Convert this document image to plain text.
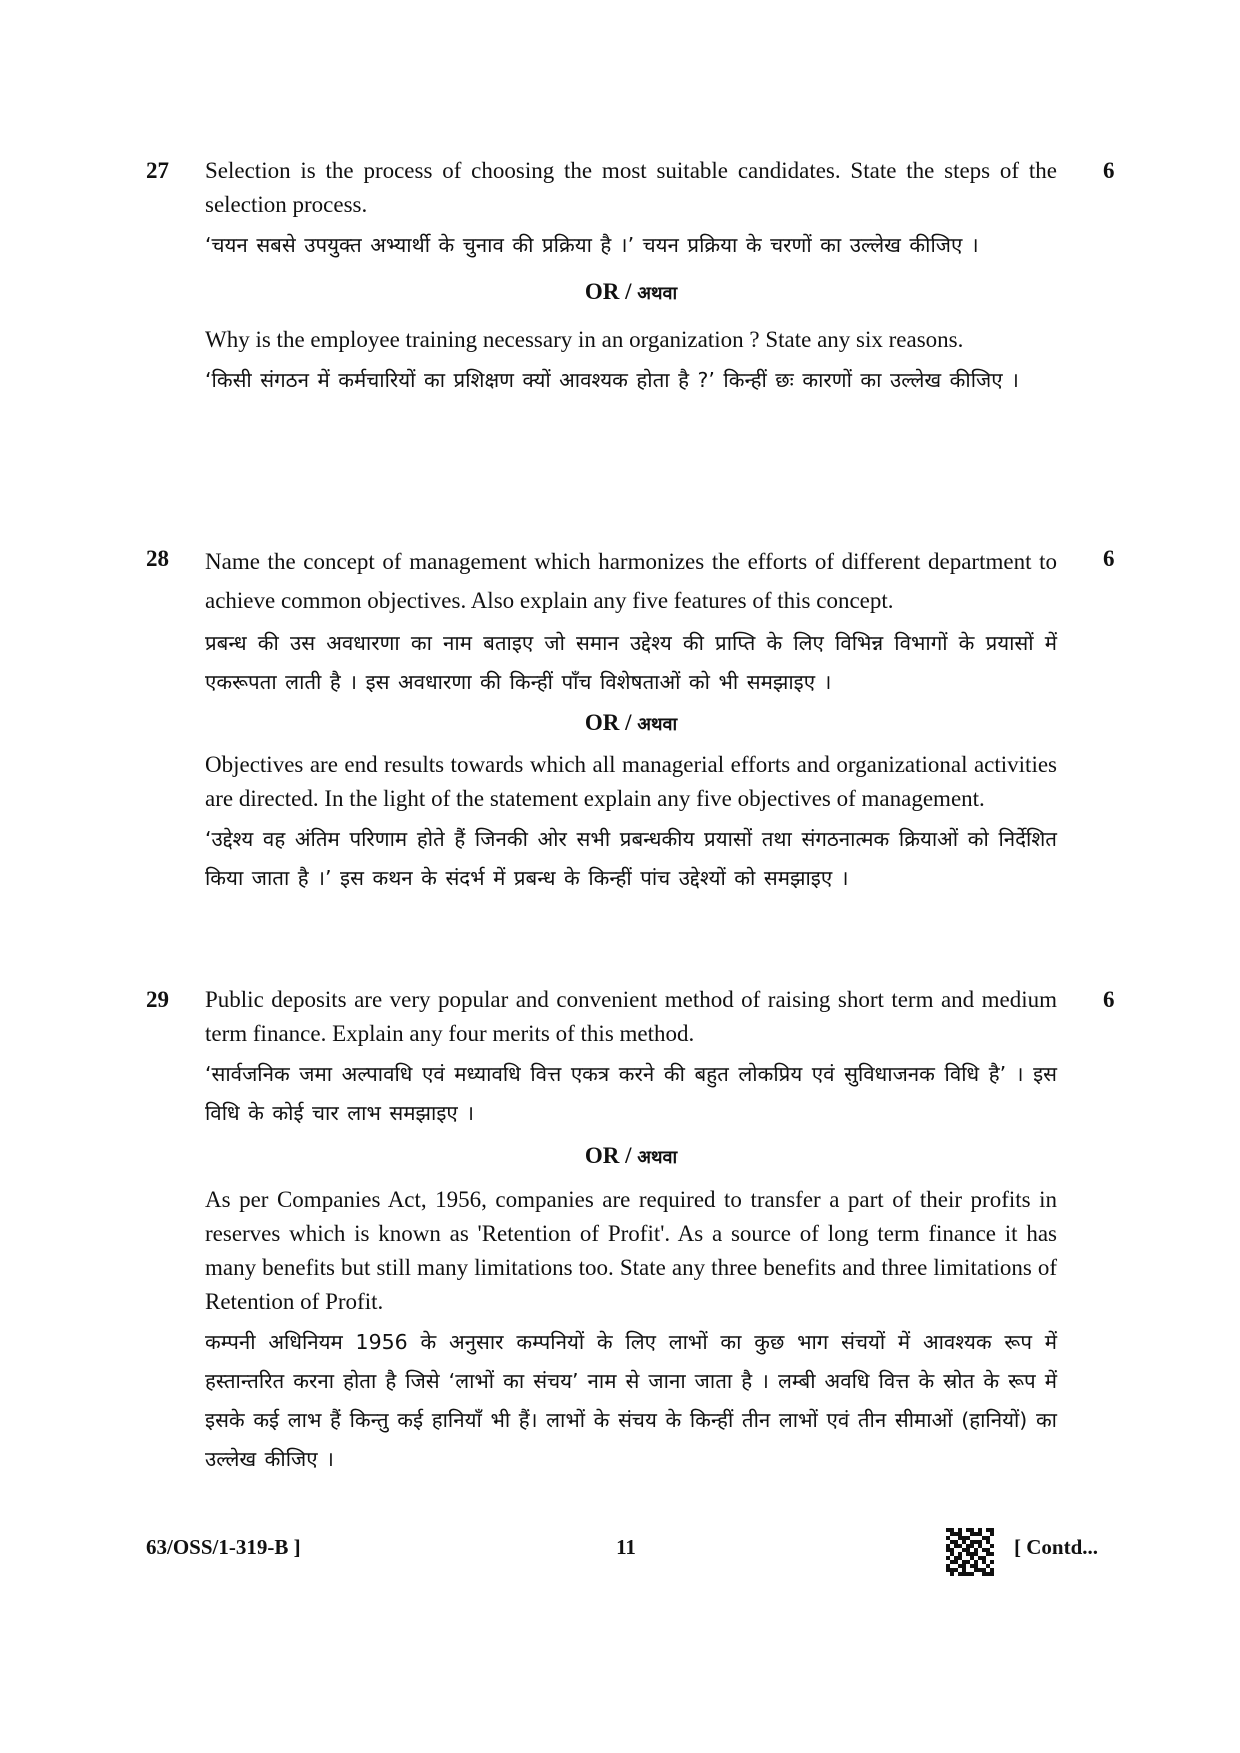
27	6

Selection is the process of choosing the most suitable candidates. State the steps of the selection process.

‘चयन सबसे उपयुक्त अभ्यार्थी के चुनाव की प्रक्रिया है ।’ चयन प्रक्रिया के चरणों का उल्लेख कीजिए ।

OR / अथवा

Why is the employee training necessary in an organization ? State any six reasons.

‘किसी संगठन में कर्मचारियों का प्रशिक्षण क्यों आवश्यक होता है ?’ किन्हीं छः कारणों का उल्लेख कीजिए ।

28	6

Name the concept of management which harmonizes the efforts of different department to achieve common objectives. Also explain any five features of this concept.

प्रबन्ध की उस अवधारणा का नाम बताइए जो समान उद्देश्य की प्राप्ति के लिए विभिन्न विभागों के प्रयासों में एकरूपता लाती है । इस अवधारणा की किन्हीं पाँच विशेषताओं को भी समझाइए ।

OR / अथवा

Objectives are end results towards which all managerial efforts and organizational activities are directed. In the light of the statement explain any five objectives of management.

‘उद्देश्य वह अंतिम परिणाम होते हैं जिनकी ओर सभी प्रबन्धकीय प्रयासों तथा संगठनात्मक क्रियाओं को निर्देशित किया जाता है ।’ इस कथन के संदर्भ में प्रबन्ध के किन्हीं पांच उद्देश्यों को समझाइए ।

29	6

Public deposits are very popular and convenient method of raising short term and medium term finance. Explain any four merits of this method.

‘सार्वजनिक जमा अल्पावधि एवं मध्यावधि वित्त एकत्र करने की बहुत लोकप्रिय एवं सुविधाजनक विधि है’ । इस विधि के कोई चार लाभ समझाइए ।

OR / अथवा

As per Companies Act, 1956, companies are required to transfer a part of their profits in reserves which is known as 'Retention of Profit'. As a source of long term finance it has many benefits but still many limitations too. State any three benefits and three limitations of Retention of Profit.

कम्पनी अधिनियम 1956 के अनुसार कम्पनियों के लिए लाभों का कुछ भाग संचयों में आवश्यक रूप में हस्तान्तरित करना होता है जिसे ‘लाभों का संचय’ नाम से जाना जाता है । लम्बी अवधि वित्त के स्रोत के रूप में इसके कई लाभ हैं किन्तु कई हानियाँ भी हैं। लाभों के संचय के किन्हीं तीन लाभों एवं तीन सीमाओं (हानियों) का उल्लेख कीजिए ।

63/OSS/1-319-B ]	11	[ Contd...
